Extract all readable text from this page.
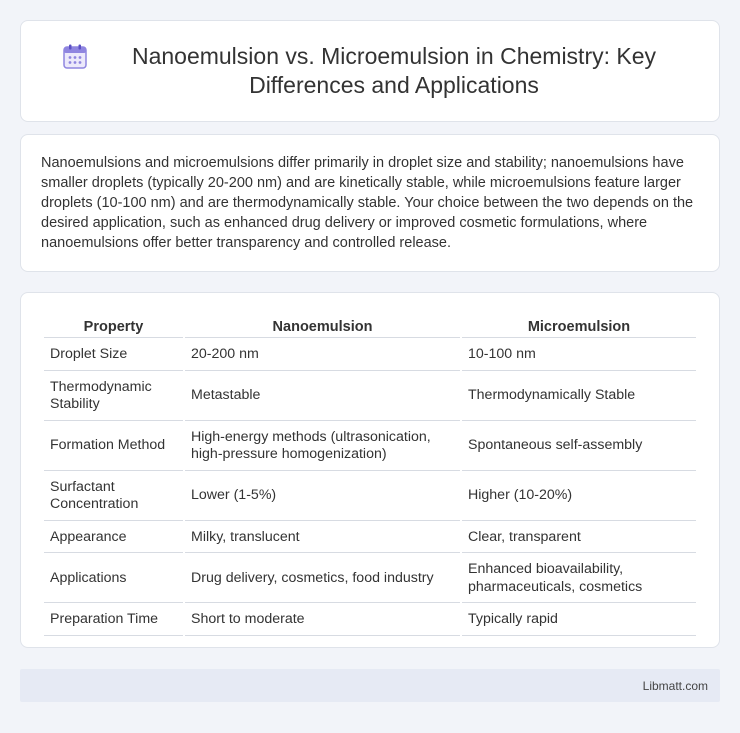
Nanoemulsion vs. Microemulsion in Chemistry: Key Differences and Applications

Nanoemulsions and microemulsions differ primarily in droplet size and stability; nanoemulsions have smaller droplets (typically 20-200 nm) and are kinetically stable, while microemulsions feature larger droplets (10-100 nm) and are thermodynamically stable. Your choice between the two depends on the desired application, such as enhanced drug delivery or improved cosmetic formulations, where nanoemulsions offer better transparency and controlled release.

Property	Nanoemulsion	Microemulsion
Droplet Size	20-200 nm	10-100 nm
Thermodynamic Stability	Metastable	Thermodynamically Stable
Formation Method	High-energy methods (ultrasonication, high-pressure homogenization)	Spontaneous self-assembly
Surfactant Concentration	Lower (1-5%)	Higher (10-20%)
Appearance	Milky, translucent	Clear, transparent
Applications	Drug delivery, cosmetics, food industry	Enhanced bioavailability, pharmaceuticals, cosmetics
Preparation Time	Short to moderate	Typically rapid
Libmatt.com
